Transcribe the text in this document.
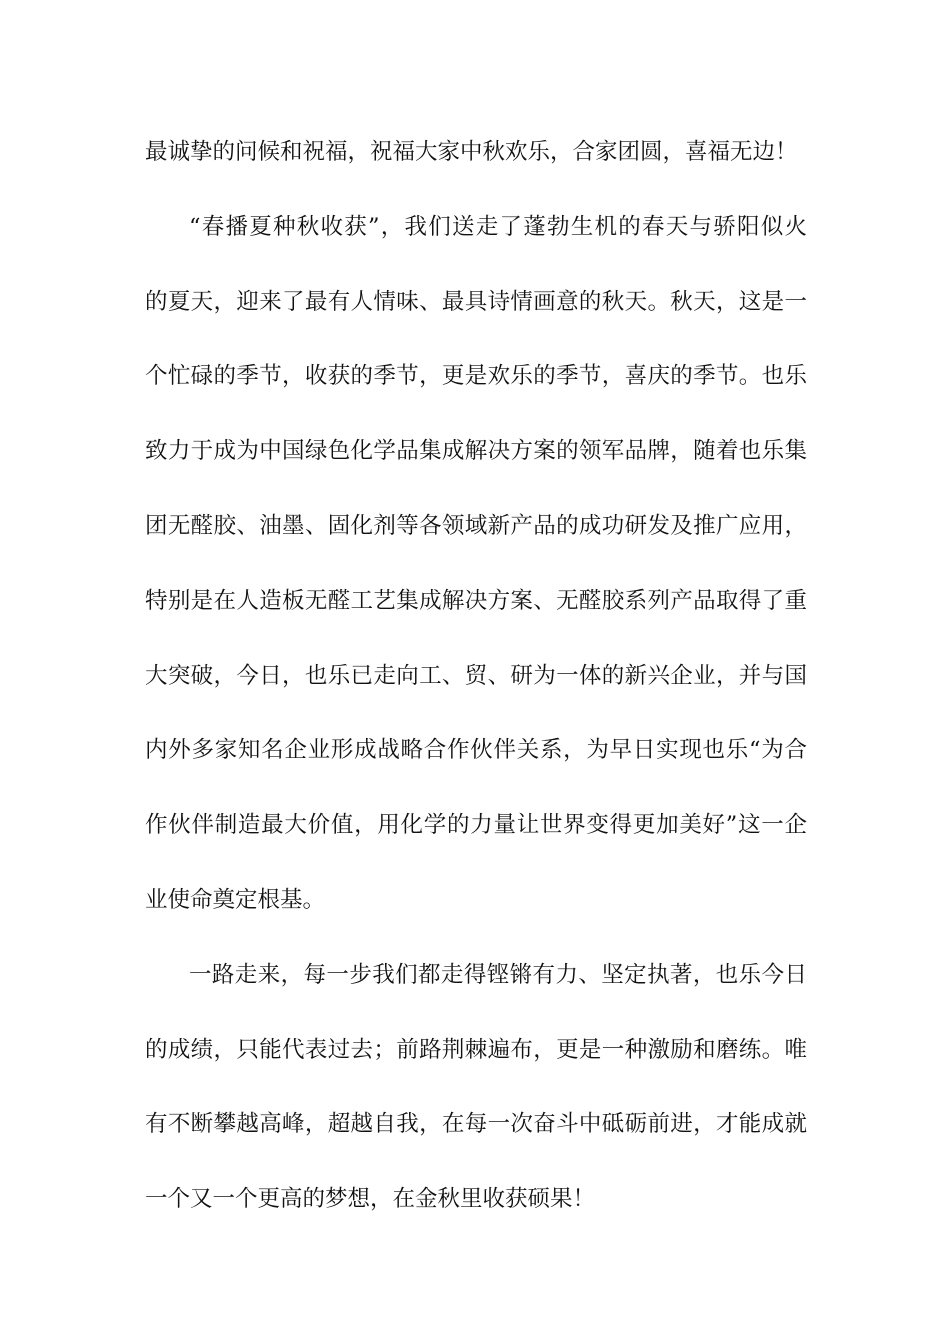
最诚挚的问候和祝福，祝福大家中秋欢乐，合家团圆，喜福无边！

“春播夏种秋收获”，我们送走了蓬勃生机的春天与骄阳似火

的夏天，迎来了最有人情味、最具诗情画意的秋天。秋天，这是一

个忙碌的季节，收获的季节，更是欢乐的季节，喜庆的季节。也乐

致力于成为中国绿色化学品集成解决方案的领军品牌，随着也乐集

团无醛胶、油墨、固化剂等各领域新产品的成功研发及推广应用，

特别是在人造板无醛工艺集成解决方案、无醛胶系列产品取得了重

大突破，今日，也乐已走向工、贸、研为一体的新兴企业，并与国

内外多家知名企业形成战略合作伙伴关系，为早日实现也乐“为合

作伙伴制造最大价值，用化学的力量让世界变得更加美好”这一企

业使命奠定根基。

一路走来，每一步我们都走得铿锵有力、坚定执著，也乐今日

的成绩，只能代表过去；前路荆棘遍布，更是一种激励和磨练。唯

有不断攀越高峰，超越自我，在每一次奋斗中砥砺前进，才能成就

一个又一个更高的梦想，在金秋里收获硕果！
